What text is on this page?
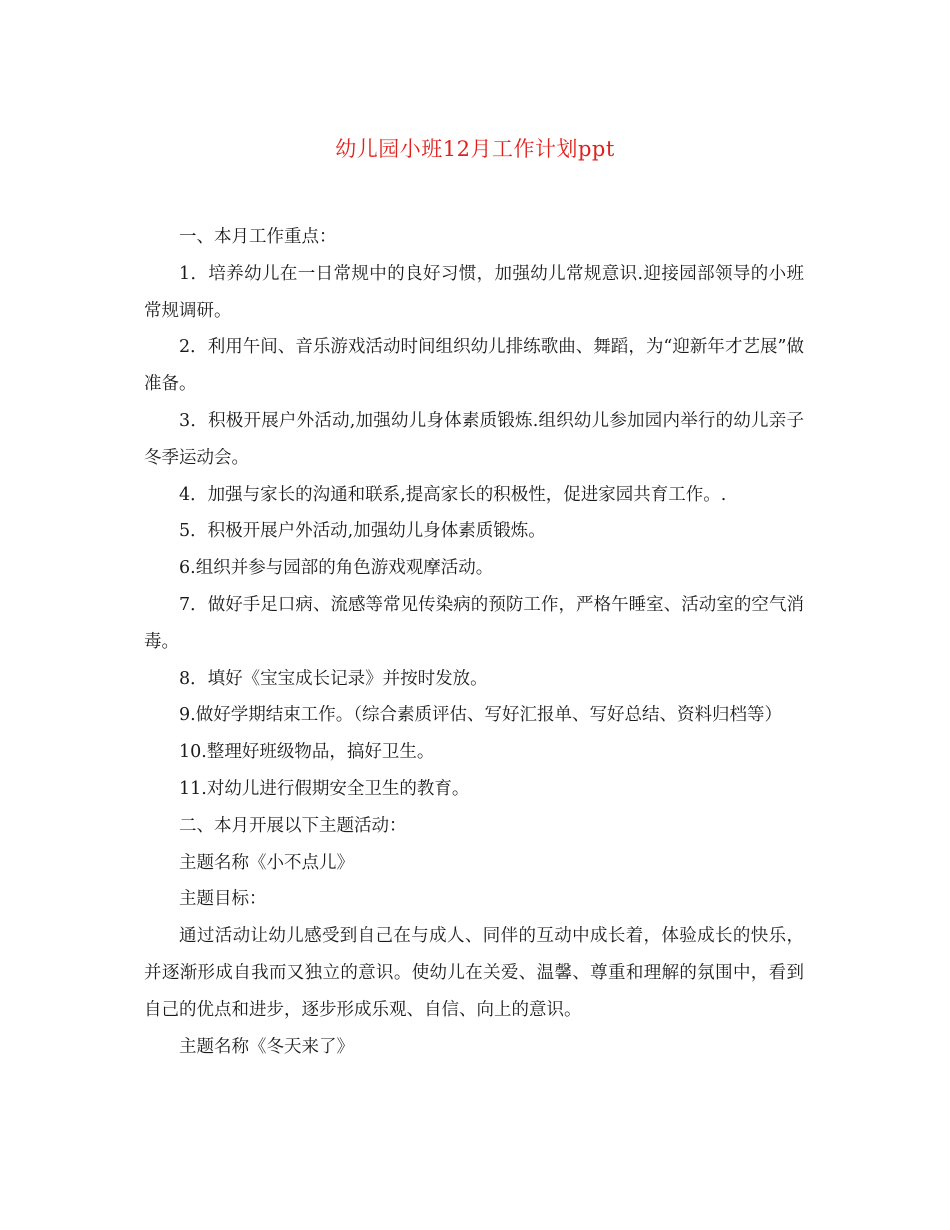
幼儿园小班12月工作计划ppt

一、本月工作重点：

1．培养幼儿在一日常规中的良好习惯，加强幼儿常规意识.迎接园部领导的小班常规调研。

2．利用午间、音乐游戏活动时间组织幼儿排练歌曲、舞蹈，为“迎新年才艺展”做准备。

3．积极开展户外活动,加强幼儿身体素质锻炼.组织幼儿参加园内举行的幼儿亲子冬季运动会。

4．加强与家长的沟通和联系,提高家长的积极性，促进家园共育工作。.

5．积极开展户外活动,加强幼儿身体素质锻炼。

6.组织并参与园部的角色游戏观摩活动。

7．做好手足口病、流感等常见传染病的预防工作，严格午睡室、活动室的空气消毒。

8．填好《宝宝成长记录》并按时发放。

9.做好学期结束工作。（综合素质评估、写好汇报单、写好总结、资料归档等）

10.整理好班级物品，搞好卫生。

11.对幼儿进行假期安全卫生的教育。

二、本月开展以下主题活动：

主题名称《小不点儿》

主题目标：

通过活动让幼儿感受到自己在与成人、同伴的互动中成长着，体验成长的快乐，并逐渐形成自我而又独立的意识。使幼儿在关爱、温馨、尊重和理解的氛围中，看到自己的优点和进步，逐步形成乐观、自信、向上的意识。

主题名称《冬天来了》
